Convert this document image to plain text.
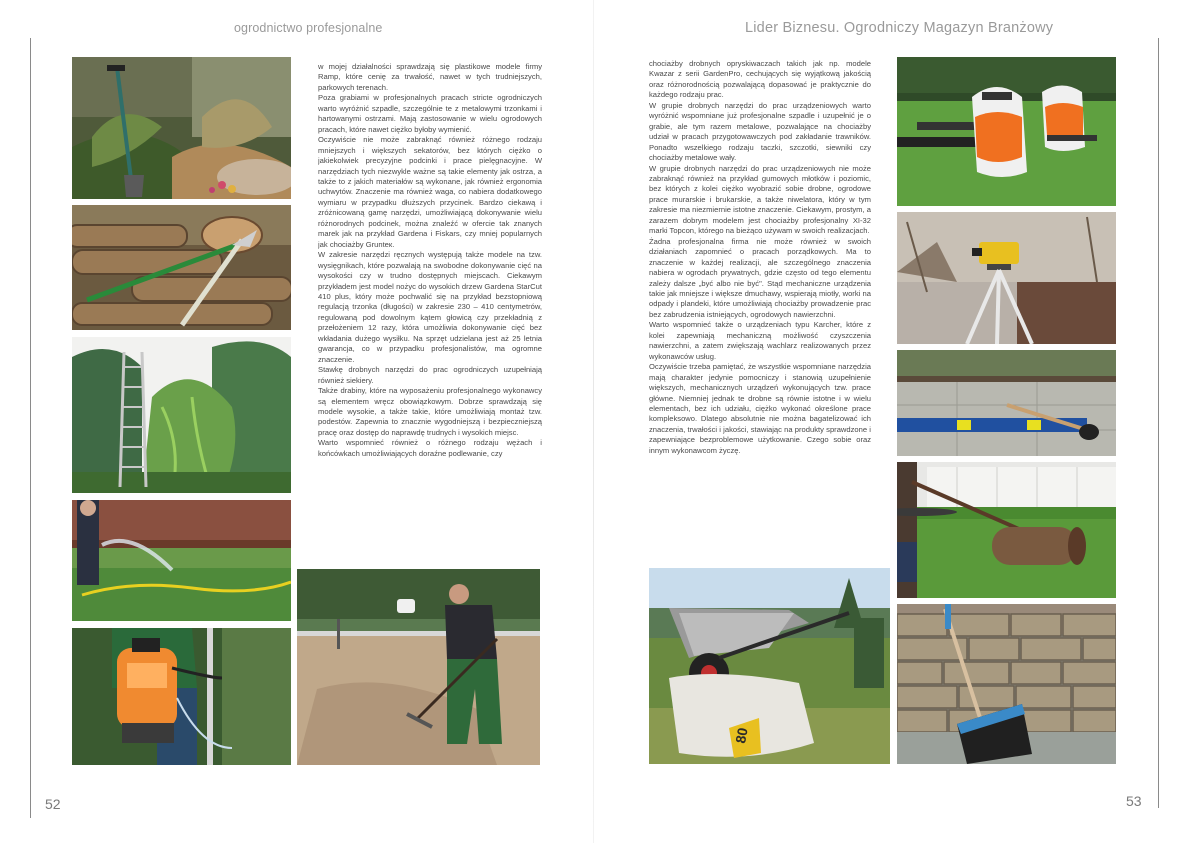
ogrodnictwo profesjonalne	Lider Biznesu. Ogrodniczy Magazyn Branżowy
52	53

w mojej działalności sprawdzają się plastikowe modele firmy Ramp, które cenię za trwałość, nawet w tych trudniejszych, parkowych terenach.

Poza grabiami w profesjonalnych pracach stricte ogrodniczych warto wyróżnić szpadle, szczególnie te z metalowymi trzonkami i hartowanymi ostrzami. Mają zastosowanie w wielu ogrodowych pracach, które nawet ciężko byłoby wymienić.

Oczywiście nie może zabraknąć również różnego rodzaju mniejszych i większych sekatorów, bez których ciężko o jakiekolwiek precyzyjne podcinki i prace pielęgnacyjne. W narzędziach tych niezwykle ważne są takie elementy jak ostrza, a także to z jakich materiałów są wykonane, jak również ergonomia uchwytów. Znaczenie ma również waga, co nabiera dodatkowego wymiaru w przypadku dłuższych przycinek. Bardzo ciekawą i zróżnicowaną gamę narzędzi, umożliwiającą dokonywanie wielu różnorodnych podcinek, można znaleźć w ofercie tak znanych marek jak na przykład Gardena i Fiskars, czy mniej popularnych jak chociażby Grunteк.

W zakresie narzędzi ręcznych występują także modele na tzw. wysięgnikach, które pozwalają na swobodne dokonywanie cięć na wysokości czy w trudno dostępnych miejscach. Ciekawym przykładem jest model nożyc do wysokich drzew Gardena StarCut 410 plus, który może pochwalić się na przykład bezstopniową regulacją trzonka (długości) w zakresie 230 – 410 centymetrów, regulowaną pod dowolnym kątem głowicą czy przekładnią z przełożeniem 12 razy, która umożliwia dokonywanie cięć bez wkładania dużego wysiłku. Na sprzęt udzielana jest aż 25 letnia gwarancja, co w przypadku profesjonalistów, ma ogromne znaczenie.

Stawkę drobnych narzędzi do prac ogrodniczych uzupełniają również siekiery.

Także drabiny, które na wyposażeniu profesjonalnego wykonawcy są elementem wręcz obowiązkowym. Dobrze sprawdzają się modele wysokie, a także takie, które umożliwiają montaż tzw. podestów. Zapewnia to znacznie wygodniejszą i bezpieczniejszą pracę oraz dostęp do naprawdę trudnych i wysokich miejsc.

Warto wspomnieć również o różnego rodzaju wężach i końcówkach umożliwiających doraźne podlewanie, czy

chociażby drobnych opryskiwaczach takich jak np. modele Kwazar z serii GardenPro, cechujących się wyjątkową jakością oraz różnorodnością pozwalającą dopasować je praktycznie do każdego rodzaju prac.

W grupie drobnych narzędzi do prac urządzeniowych warto wyróżnić wspomniane już profesjonalne szpadle i uzupełnić je o grabie, ale tym razem metalowe, pozwalające na chociażby udział w pracach przygotowawczych pod zakładanie trawników. Ponadto wszelkiego rodzaju taczki, szczotki, siewniki czy chociażby metalowe wały.

W grupie drobnych narzędzi do prac urządzeniowych nie może zabraknąć również na przykład gumowych młotków i poziomic, bez których z kolei ciężko wyobrazić sobie drobne, ogrodowe prace murarskie i brukarskie, a także niwelatora, który w tym zakresie ma niezmiernie istotne znaczenie. Ciekawym, prostym, a zarazem dobrym modelem jest chociażby profesjonalny XI-32 marki Topcon, którego na bieżąco używam w swoich realizacjach.

Żadna profesjonalna firma nie może również w swoich działaniach zapomnieć o pracach porządkowych. Ma to znaczenie w każdej realizacji, ale szczególnego znaczenia nabiera w ogrodach prywatnych, gdzie często od tego elementu zależy dalsze „być albo nie być". Stąd mechaniczne urządzenia takie jak mniejsze i większe dmuchawy, wspierają miotły, worki na odpady i plandeki, które umożliwiają chociażby prowadzenie prac bez zabrudzenia istniejących, ogrodowych nawierzchni.

Warto wspomnieć także o urządzeniach typu Karcher, które z kolei zapewniają mechaniczną możliwość czyszczenia nawierzchni, a zatem zwiększają wachlarz realizowanych przez wykonawców usług.

Oczywiście trzeba pamiętać, że wszystkie wspomniane narzędzia mają charakter jedynie pomocniczy i stanowią uzupełnienie większych, mechanicznych urządzeń wykonujących tzw. prace główne. Niemniej jednak te drobne są równie istotne i w wielu elementach, bez ich udziału, ciężko wykonać określone prace kompleksowo. Dlatego absolutnie nie można bagatelizować ich znaczenia, trwałości i jakości, stawiając na produkty sprawdzone i zapewniające bezproblemowe użytkowanie. Czego sobie oraz innym wykonawcom życzę.

80
